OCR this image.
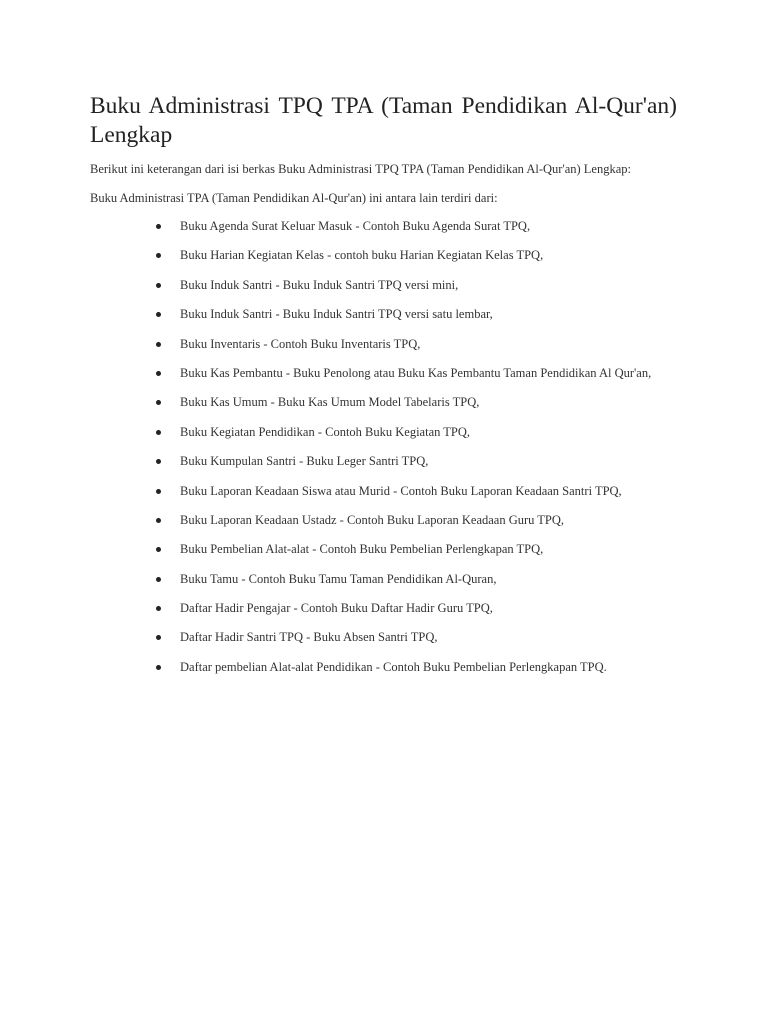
Buku Administrasi TPQ TPA (Taman Pendidikan Al-Qur'an) Lengkap

Berikut ini keterangan dari isi berkas Buku Administrasi TPQ TPA (Taman Pendidikan Al-Qur'an) Lengkap:

Buku Administrasi TPA (Taman Pendidikan Al-Qur'an) ini antara lain terdiri dari:

Buku Agenda Surat Keluar Masuk - Contoh Buku Agenda Surat TPQ,
Buku Harian Kegiatan Kelas - contoh buku Harian Kegiatan Kelas TPQ,
Buku Induk Santri - Buku Induk Santri TPQ versi mini,
Buku Induk Santri - Buku Induk Santri TPQ versi satu lembar,
Buku Inventaris - Contoh Buku Inventaris TPQ,
Buku Kas Pembantu - Buku Penolong atau Buku Kas Pembantu Taman Pendidikan Al Qur'an,
Buku Kas Umum - Buku Kas Umum Model Tabelaris TPQ,
Buku Kegiatan Pendidikan - Contoh Buku Kegiatan TPQ,
Buku Kumpulan Santri - Buku Leger Santri TPQ,
Buku Laporan Keadaan Siswa atau Murid - Contoh Buku Laporan Keadaan Santri TPQ,
Buku Laporan Keadaan Ustadz - Contoh Buku Laporan Keadaan Guru TPQ,
Buku Pembelian Alat-alat - Contoh Buku Pembelian Perlengkapan TPQ,
Buku Tamu - Contoh Buku Tamu Taman Pendidikan Al-Quran,
Daftar Hadir Pengajar - Contoh Buku Daftar Hadir Guru TPQ,
Daftar Hadir Santri TPQ - Buku Absen Santri TPQ,
Daftar pembelian Alat-alat Pendidikan - Contoh Buku Pembelian Perlengkapan TPQ.
